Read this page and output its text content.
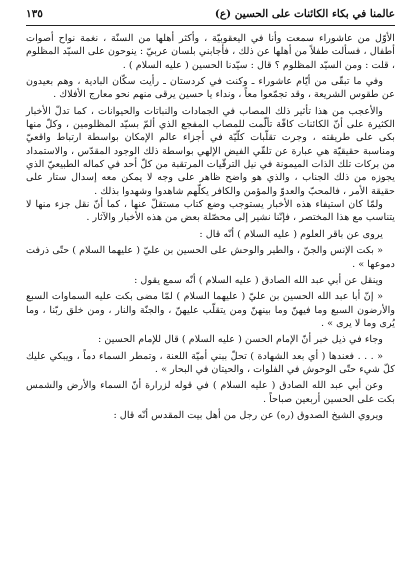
عالمنا في بكاء الكائنات على الحسين (ع)
١٣٥

الأوّل من عاشوراء سمعت وأنا في اليعقوبيّة ، وأكثر أهلها من السنّة ، نغمة نواح أصوات أطفال ، فسألت طفلاً من أهلها عن ذلك ، فأجابني بلسان عربيّ : ينوحون على السيّد المظلوم ، قلت : ومن السيّد المظلوم ؟ قال : سيّدنا الحسين ( عليه السلام ) .

وفي ما تبقّى من أيّام عاشوراء ـ وكنت في كردستان ـ رأيت سكّان البادية ، وهم بعيدون عن طقوس الشريعة ، وقد تجمّعوا معاً ، ونداء يا حسين يرقى منهم نحو معارج الأفلاك .

والأعجب من هذا تأثير ذلك المصاب في الجمادات والنباتات والحيوانات ، كما تدلّ الأخبار الكثيرة على أنّ الكائنات كافّة تألّمت للمصاب المفجع الذي ألمّ بسيّد المظلومين ، وكلّ منها بكى على طريقته ، وجرت تقلّبات كلّيّة في أجزاء عالم الإمكان بواسطة ارتباط واقعيّ ومناسبة حقيقيّة هي عبارة عن تلقّي الفيض الإلهي بواسطة ذلك الوجود المقدّس ، والاستمداد من بركات تلك الذات الميمونة في نيل الترقّيات المرتقبة من كلّ أحد في كماله الطبيعيّ الذي يجوزه من ذلك الجناب ، والذي هو واضح ظاهر على وجه لا يمكن معه إسدال ستار على حقيقة الأمر ، فالمحبّ والعدوّ والمؤمن والكافر يكلّهم شاهدوا وشهدوا بذلك .

ولمّا كان استيفاء هذه الأخبار يستوجب وضع كتاب مستقلّ عنها ، كما أنّ نقل جزء منها لا يتناسب مع هذا المختصر ، فإنّنا نشير إلى محصّلة بعض من هذه الأخبار والآثار .

يروى عن باقر العلوم ( عليه السلام ) أنّه قال :

« بكت الإنس والجنّ ، والطير والوحش على الحسين بن عليّ ( عليهما السلام ) حتّى ذرفت دموعها » .

وينقل عن أبي عبد الله الصادق ( عليه السلام ) أنّه سمع يقول :

« إنّ أبا عبد الله الحسين بن عليّ ( عليهما السلام ) لمّا مضى بكت عليه السماوات السبع والأرضون السبع وما فيهنّ وما بينهنّ ومن يتقلّب عليهنّ ، والجنّة والنار ، ومن خلق ربّنا ، وما يُرى وما لا يرى » .

وجاء في ذيل خبر أنّ الإمام الحسن ( عليه السلام ) قال للإمام الحسين :

« . . . فعندها ( أي بعد الشهادة ) تحلّ ببني أميّة اللعنة ، وتمطر السماء دماً ، ويبكي عليك كلّ شيء حتّى الوحوش في الفلوات ، والحيتان في البحار » .

وعن أبي عبد الله الصادق ( عليه السلام ) في قوله لزرارة أنّ السماء والأرض والشمس بكت على الحسين أربعين صباحاً .

ويروي الشيخ الصدوق (ره) عن رجل من أهل بيت المقدس أنّه قال :
